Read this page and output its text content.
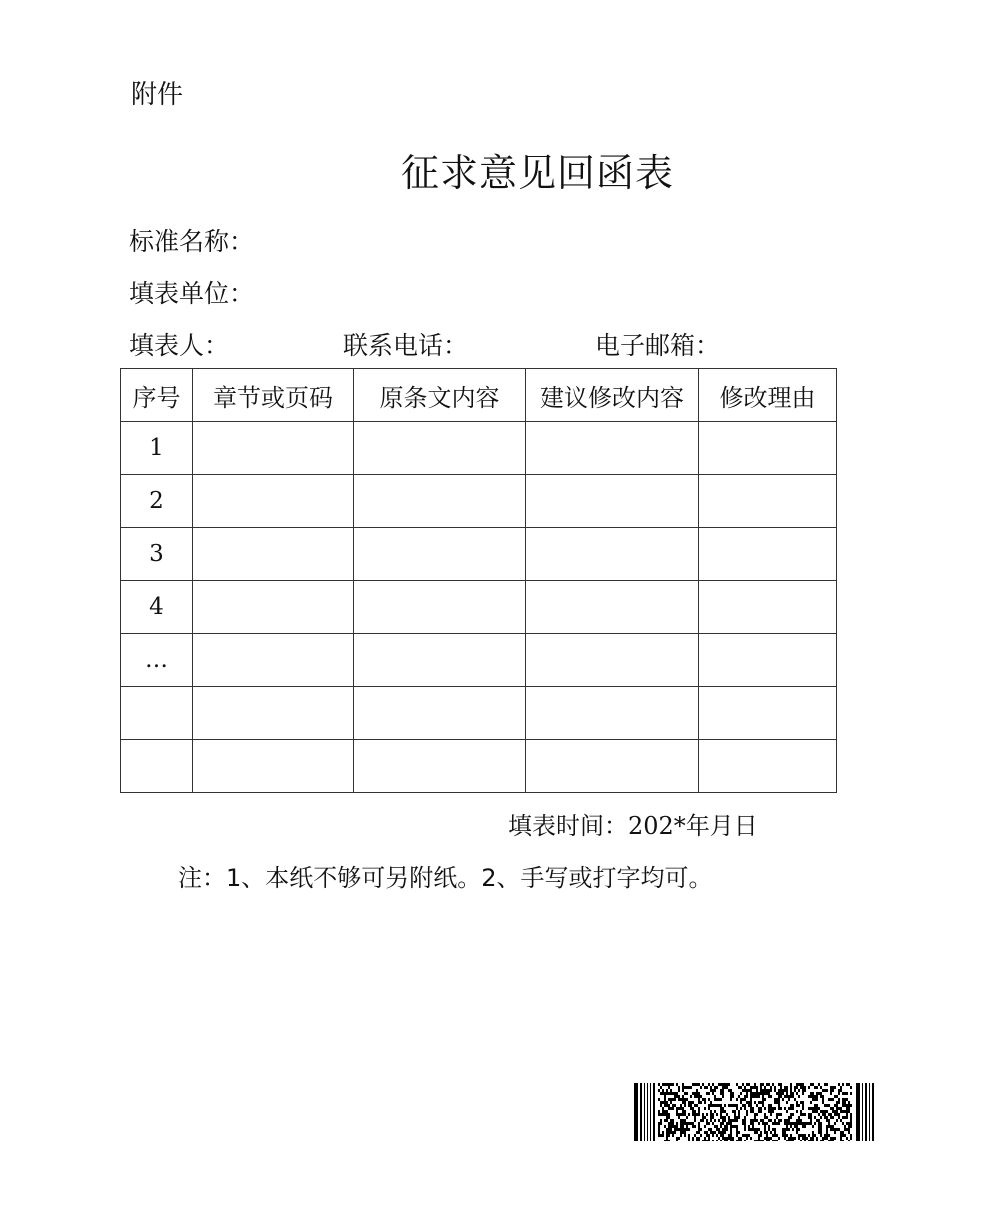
附件
征求意见回函表
标准名称：
填表单位：
填表人：	联系电话：	电子邮箱：
序号	章节或页码	原条文内容	建议修改内容	修改理由
1				
2				
3				
4				
…				

填表时间：202*年月日
注：1、本纸不够可另附纸。2、手写或打字均可。
